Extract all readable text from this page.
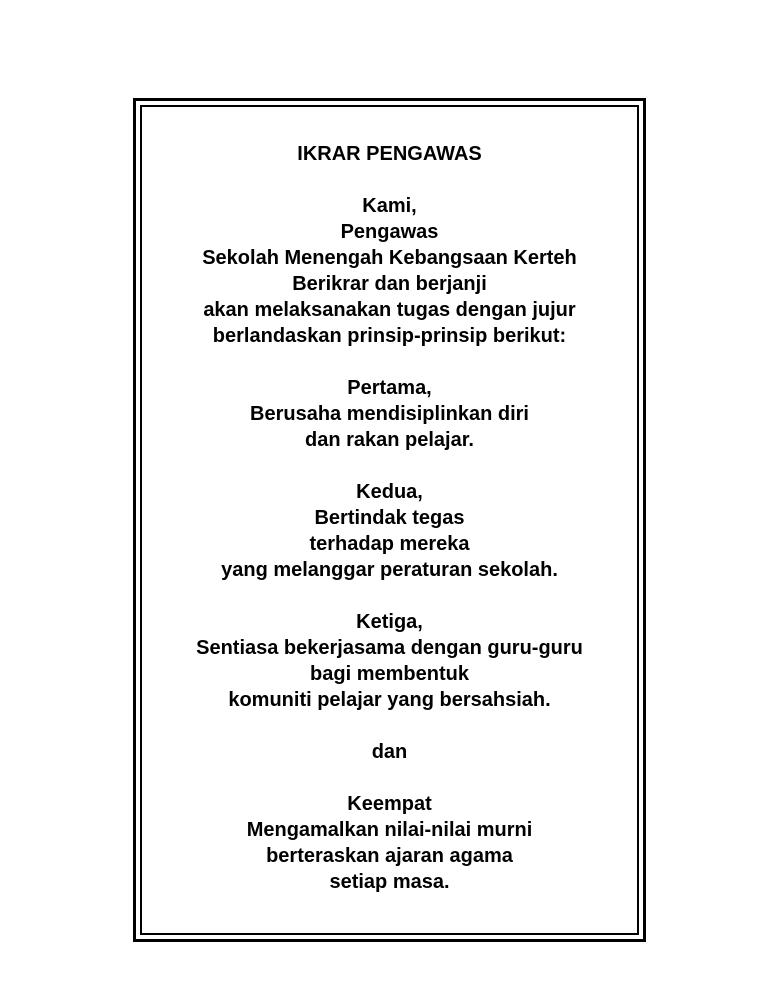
IKRAR PENGAWAS
Kami,
Pengawas
Sekolah Menengah Kebangsaan Kerteh
Berikrar dan berjanji
akan melaksanakan tugas dengan jujur
berlandaskan prinsip-prinsip berikut:
Pertama,
Berusaha mendisiplinkan diri
dan rakan pelajar.
Kedua,
Bertindak tegas
terhadap mereka
yang melanggar peraturan sekolah.
Ketiga,
Sentiasa bekerjasama dengan guru-guru
bagi membentuk
komuniti pelajar yang bersahsiah.
dan
Keempat
Mengamalkan nilai-nilai murni
berteraskan ajaran agama
setiap masa.
